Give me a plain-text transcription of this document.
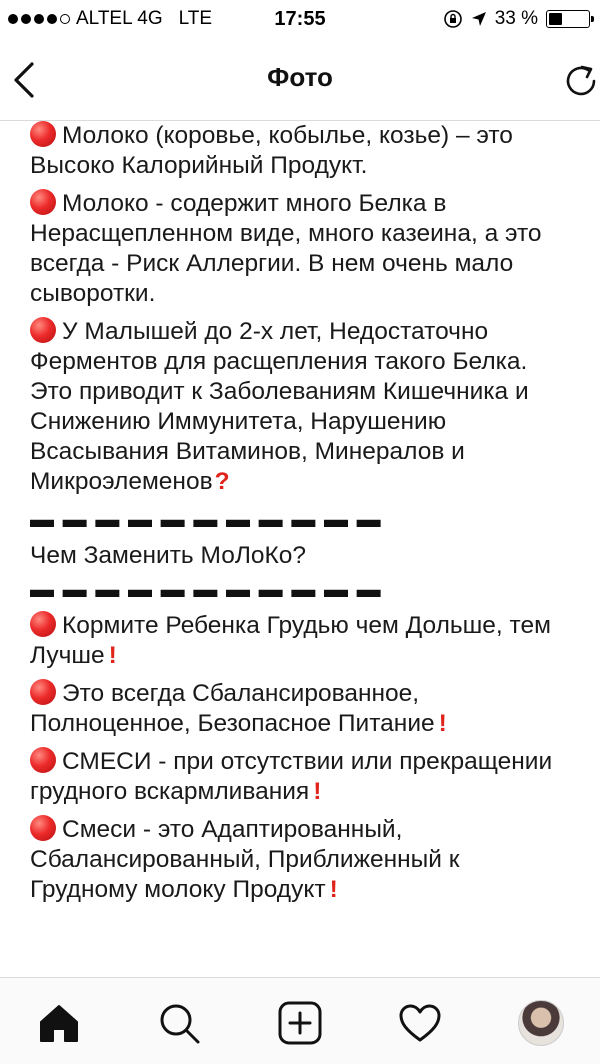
ALTEL 4G LTE	17:55	33 %
Фото

Молоко (коровье, кобылье, козье) – это Высоко Калорийный Продукт.

Молоко - содержит много Белка в Нерасщепленном виде, много казеина, а это всегда - Риск Аллергии. В нем очень мало сыворотки.

У Малышей до 2-х лет, Недостаточно Ферментов для расщепления такого Белка.

Это приводит к Заболеваниям Кишечника и Снижению Иммунитета, Нарушению Всасывания Витаминов, Минералов и Микроэлеменов?

▬ ▬ ▬ ▬ ▬ ▬ ▬ ▬ ▬ ▬ ▬

Чем Заменить МоЛоКо?

▬ ▬ ▬ ▬ ▬ ▬ ▬ ▬ ▬ ▬ ▬

Кормите Ребенка Грудью чем Дольше, тем Лучше !

Это всегда Сбалансированное, Полноценное, Безопасное Питание !

СМЕСИ - при отсутствии или прекращении грудного вскармливания !

Смеси - это Адаптированный, Сбалансированный, Приближенный к Грудному молоку Продукт !
